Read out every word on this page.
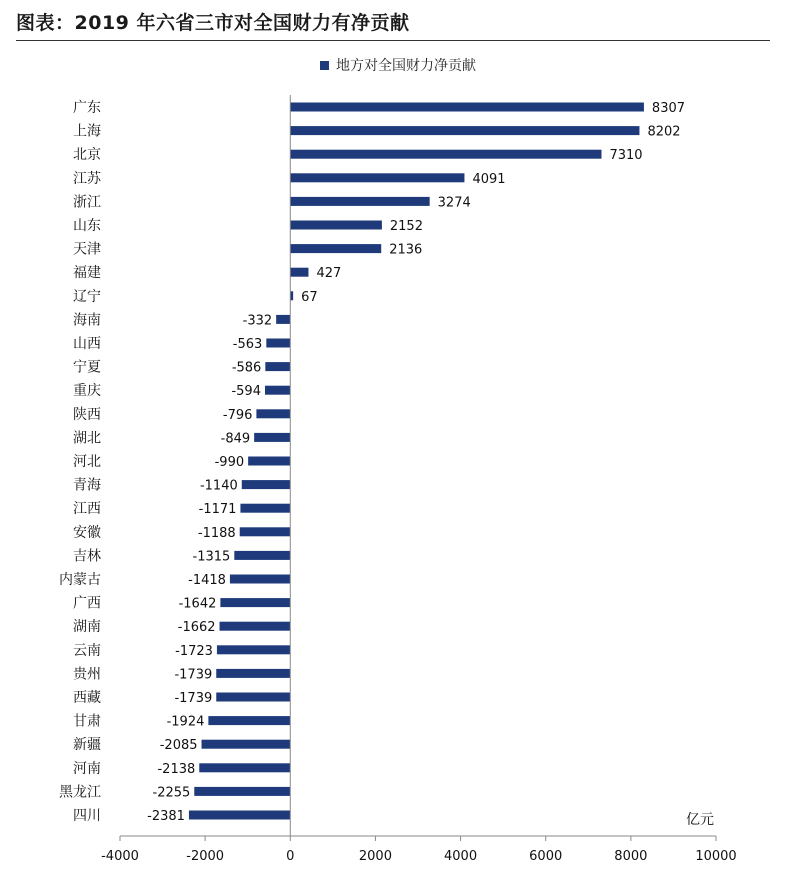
图表：2019 年六省三市对全国财力有净贡献
地方对全国财力净贡献
广东	8307
上海	8202
北京	7310
江苏	4091
浙江	3274
山东	2152
天津	2136
福建	427
辽宁	67
海南	-332
山西	-563
宁夏	-586
重庆	-594
陕西	-796
湖北	-849
河北	-990
青海	-1140
江西	-1171
安徽	-1188
吉林	-1315
内蒙古	-1418
广西	-1642
湖南	-1662
云南	-1723
贵州	-1739
西藏	-1739
甘肃	-1924
新疆	-2085
河南	-2138
黑龙江	-2255
四川	-2381
-4000	-2000	0	2000	4000	6000	8000	10000
亿元
